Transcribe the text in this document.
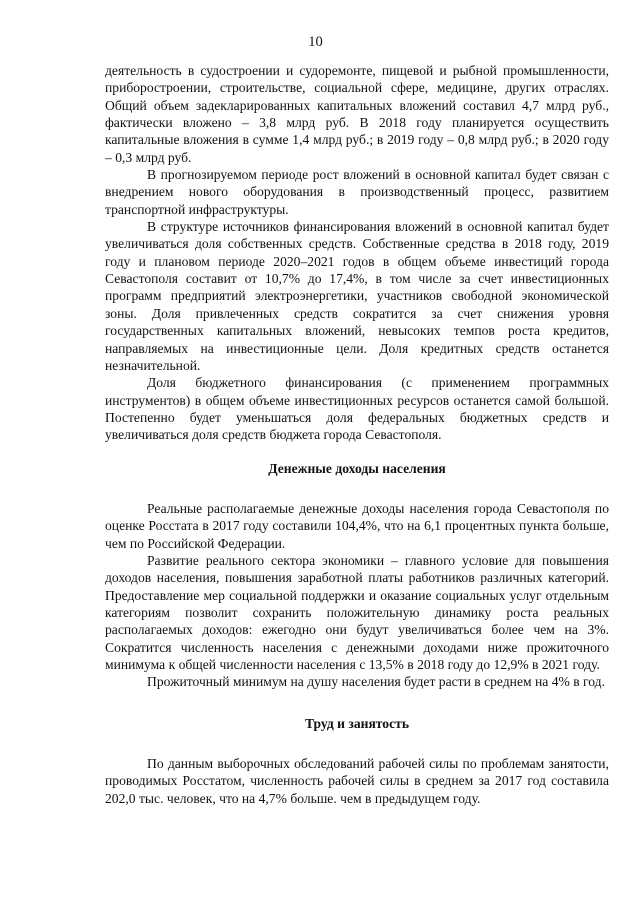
10

деятельность в судостроении и судоремонте, пищевой и рыбной промышленности, приборостроении, строительстве, социальной сфере, медицине, других отраслях. Общий объем задекларированных капитальных вложений составил 4,7 млрд руб., фактически вложено – 3,8 млрд руб. В 2018 году планируется осуществить капитальные вложения в сумме 1,4 млрд руб.; в 2019 году – 0,8 млрд руб.; в 2020 году – 0,3 млрд руб.

В прогнозируемом периоде рост вложений в основной капитал будет связан с внедрением нового оборудования в производственный процесс, развитием транспортной инфраструктуры.

В структуре источников финансирования вложений в основной капитал будет увеличиваться доля собственных средств. Собственные средства в 2018 году, 2019 году и плановом периоде 2020–2021 годов в общем объеме инвестиций города Севастополя составит от 10,7% до 17,4%, в том числе за счет инвестиционных программ предприятий электроэнергетики, участников свободной экономической зоны. Доля привлеченных средств сократится за счет снижения уровня государственных капитальных вложений, невысоких темпов роста кредитов, направляемых на инвестиционные цели. Доля кредитных средств останется незначительной.

Доля бюджетного финансирования (с применением программных инструментов) в общем объеме инвестиционных ресурсов останется самой большой. Постепенно будет уменьшаться доля федеральных бюджетных средств и увеличиваться доля средств бюджета города Севастополя.

Денежные доходы населения

Реальные располагаемые денежные доходы населения города Севастополя по оценке Росстата в 2017 году составили 104,4%, что на 6,1 процентных пункта больше, чем по Российской Федерации.

Развитие реального сектора экономики – главного условие для повышения доходов населения, повышения заработной платы работников различных категорий. Предоставление мер социальной поддержки и оказание социальных услуг отдельным категориям позволит сохранить положительную динамику роста реальных располагаемых доходов: ежегодно они будут увеличиваться более чем на 3%. Сократится численность населения с денежными доходами ниже прожиточного минимума к общей численности населения с 13,5% в 2018 году до 12,9% в 2021 году.

Прожиточный минимум на душу населения будет расти в среднем на 4% в год.

Труд и занятость

По данным выборочных обследований рабочей силы по проблемам занятости, проводимых Росстатом, численность рабочей силы в среднем за 2017 год составила 202,0 тыс. человек, что на 4,7% больше. чем в предыдущем году.
